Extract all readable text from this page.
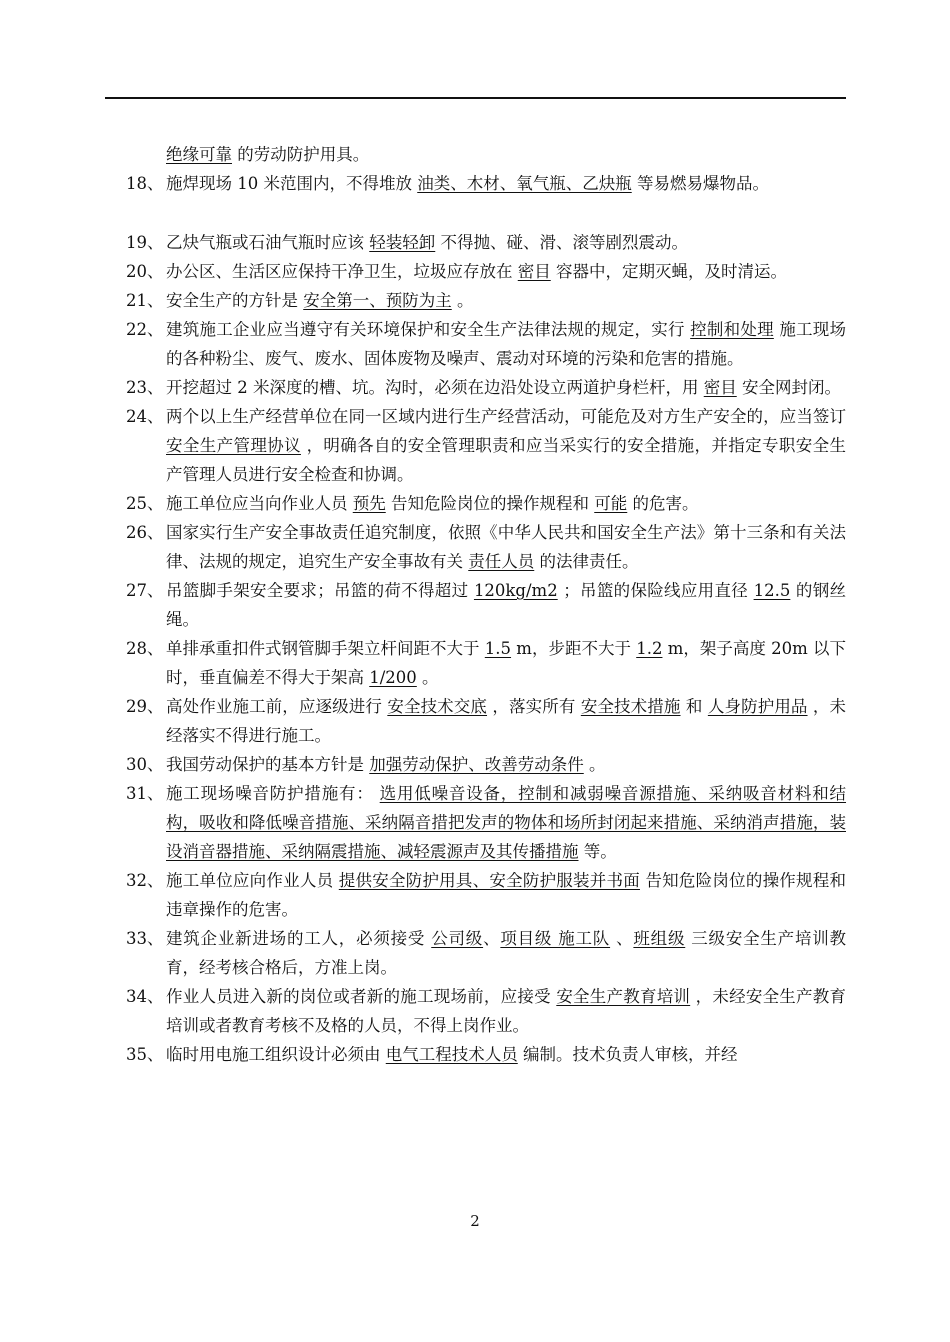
绝缘可靠 的劳动防护用具。
18、 施焊现场 10 米范围内，不得堆放 油类、木材、氧气瓶、乙炔瓶 等易燃易爆物品。
19、 乙炔气瓶或石油气瓶时应该 轻装轻卸 不得抛、碰、滑、滚等剧烈震动。
20、 办公区、生活区应保持干净卫生，垃圾应存放在 密目 容器中，定期灭蝇，及时清运。
21、 安全生产的方针是 安全第一、预防为主 。
22、 建筑施工企业应当遵守有关环境保护和安全生产法律法规的规定，实行 控制和处理 施工现场的各种粉尘、废气、废水、固体废物及噪声、震动对环境的污染和危害的措施。
23、 开挖超过 2 米深度的槽、坑。沟时，必须在边沿处设立两道护身栏杆，用 密目 安全网封闭。
24、 两个以上生产经营单位在同一区域内进行生产经营活动，可能危及对方生产安全的，应当签订 安全生产管理协议 ，明确各自的安全管理职责和应当采实行的安全措施，并指定专职安全生产管理人员进行安全检查和协调。
25、 施工单位应当向作业人员 预先 告知危险岗位的操作规程和 可能 的危害。
26、 国家实行生产安全事故责任追究制度，依照《中华人民共和国安全生产法》第十三条和有关法律、法规的规定，追究生产安全事故有关 责任人员 的法律责任。
27、 吊篮脚手架安全要求；吊篮的荷不得超过 120kg/m2 ；吊篮的保险线应用直径 12.5 的钢丝绳。
28、 单排承重扣件式钢管脚手架立杆间距不大于 1.5 m，步距不大于 1.2 m，架子高度 20m 以下时，垂直偏差不得大于架高 1/200 。
29、 高处作业施工前，应逐级进行 安全技术交底 ，落实所有 安全技术措施 和 人身防护用品 ，未经落实不得进行施工。
30、 我国劳动保护的基本方针是 加强劳动保护、改善劳动条件 。
31、 施工现场噪音防护措施有： 选用低噪音设备，控制和减弱噪音源措施、采纳吸音材料和结构，吸收和降低噪音措施、采纳隔音措把发声的物体和场所封闭起来措施、采纳消声措施，装设消音器措施、采纳隔震措施、减轻震源声及其传播措施 等。
32、 施工单位应向作业人员 提供安全防护用具、安全防护服装并书面 告知危险岗位的操作规程和违章操作的危害。
33、 建筑企业新进场的工人，必须接受 公司级、项目级 施工队 、班组级 三级安全生产培训教育，经考核合格后，方准上岗。
34、 作业人员进入新的岗位或者新的施工现场前，应接受 安全生产教育培训 ，未经安全生产教育培训或者教育考核不及格的人员，不得上岗作业。
35、 临时用电施工组织设计必须由 电气工程技术人员 编制。技术负责人审核，并经
2
